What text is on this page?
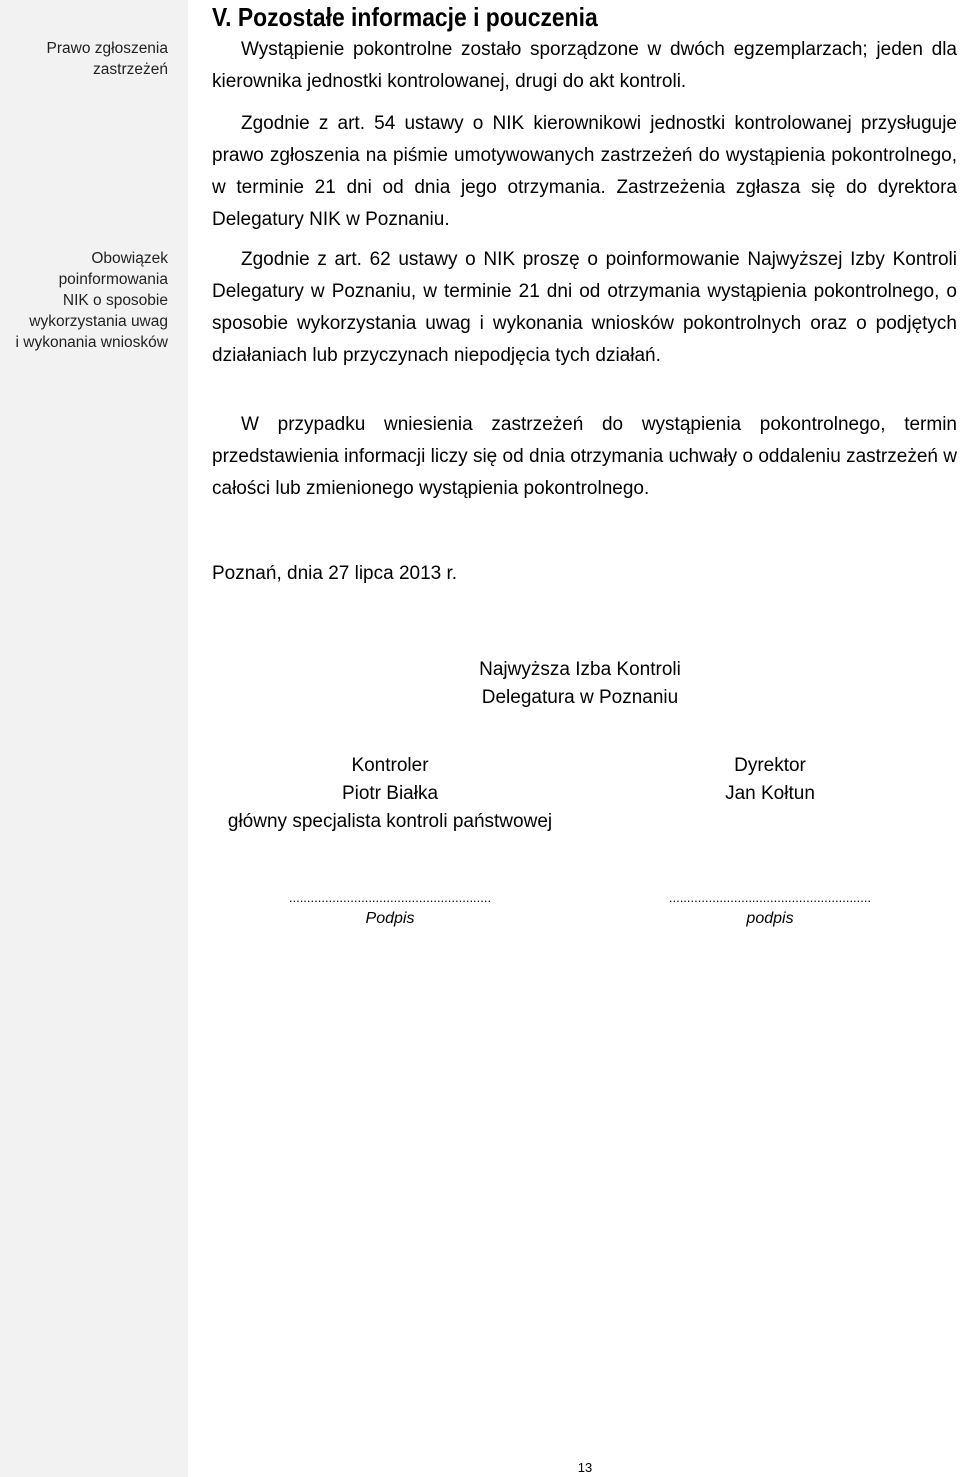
Prawo zgłoszenia
zastrzeżeń
Obowiązek
poinformowania
NIK o sposobie
wykorzystania uwag
i wykonania wniosków
V. Pozostałe informacje i pouczenia

Wystąpienie pokontrolne zostało sporządzone w dwóch egzemplarzach; jeden dla kierownika jednostki kontrolowanej, drugi do akt kontroli.

Zgodnie z art. 54 ustawy o NIK kierownikowi jednostki kontrolowanej przysługuje prawo zgłoszenia na piśmie umotywowanych zastrzeżeń do wystąpienia pokontrolnego, w terminie 21 dni od dnia jego otrzymania. Zastrzeżenia zgłasza się do dyrektora Delegatury NIK w Poznaniu.

Zgodnie z art. 62 ustawy o NIK proszę o poinformowanie Najwyższej Izby Kontroli Delegatury w Poznaniu, w terminie 21 dni od otrzymania wystąpienia pokontrolnego, o sposobie wykorzystania uwag i wykonania wniosków pokontrolnych oraz o podjętych działaniach lub przyczynach niepodjęcia tych działań.

W przypadku wniesienia zastrzeżeń do wystąpienia pokontrolnego, termin przedstawienia informacji liczy się od dnia otrzymania uchwały o oddaleniu zastrzeżeń w całości lub zmienionego wystąpienia pokontrolnego.

Poznań, dnia 27 lipca 2013 r.
Najwyższa Izba Kontroli
Delegatura w Poznaniu
Kontroler
Piotr Białka
główny specjalista kontroli państwowej
Dyrektor
Jan Kołtun
........................................................
Podpis
........................................................
podpis
13
